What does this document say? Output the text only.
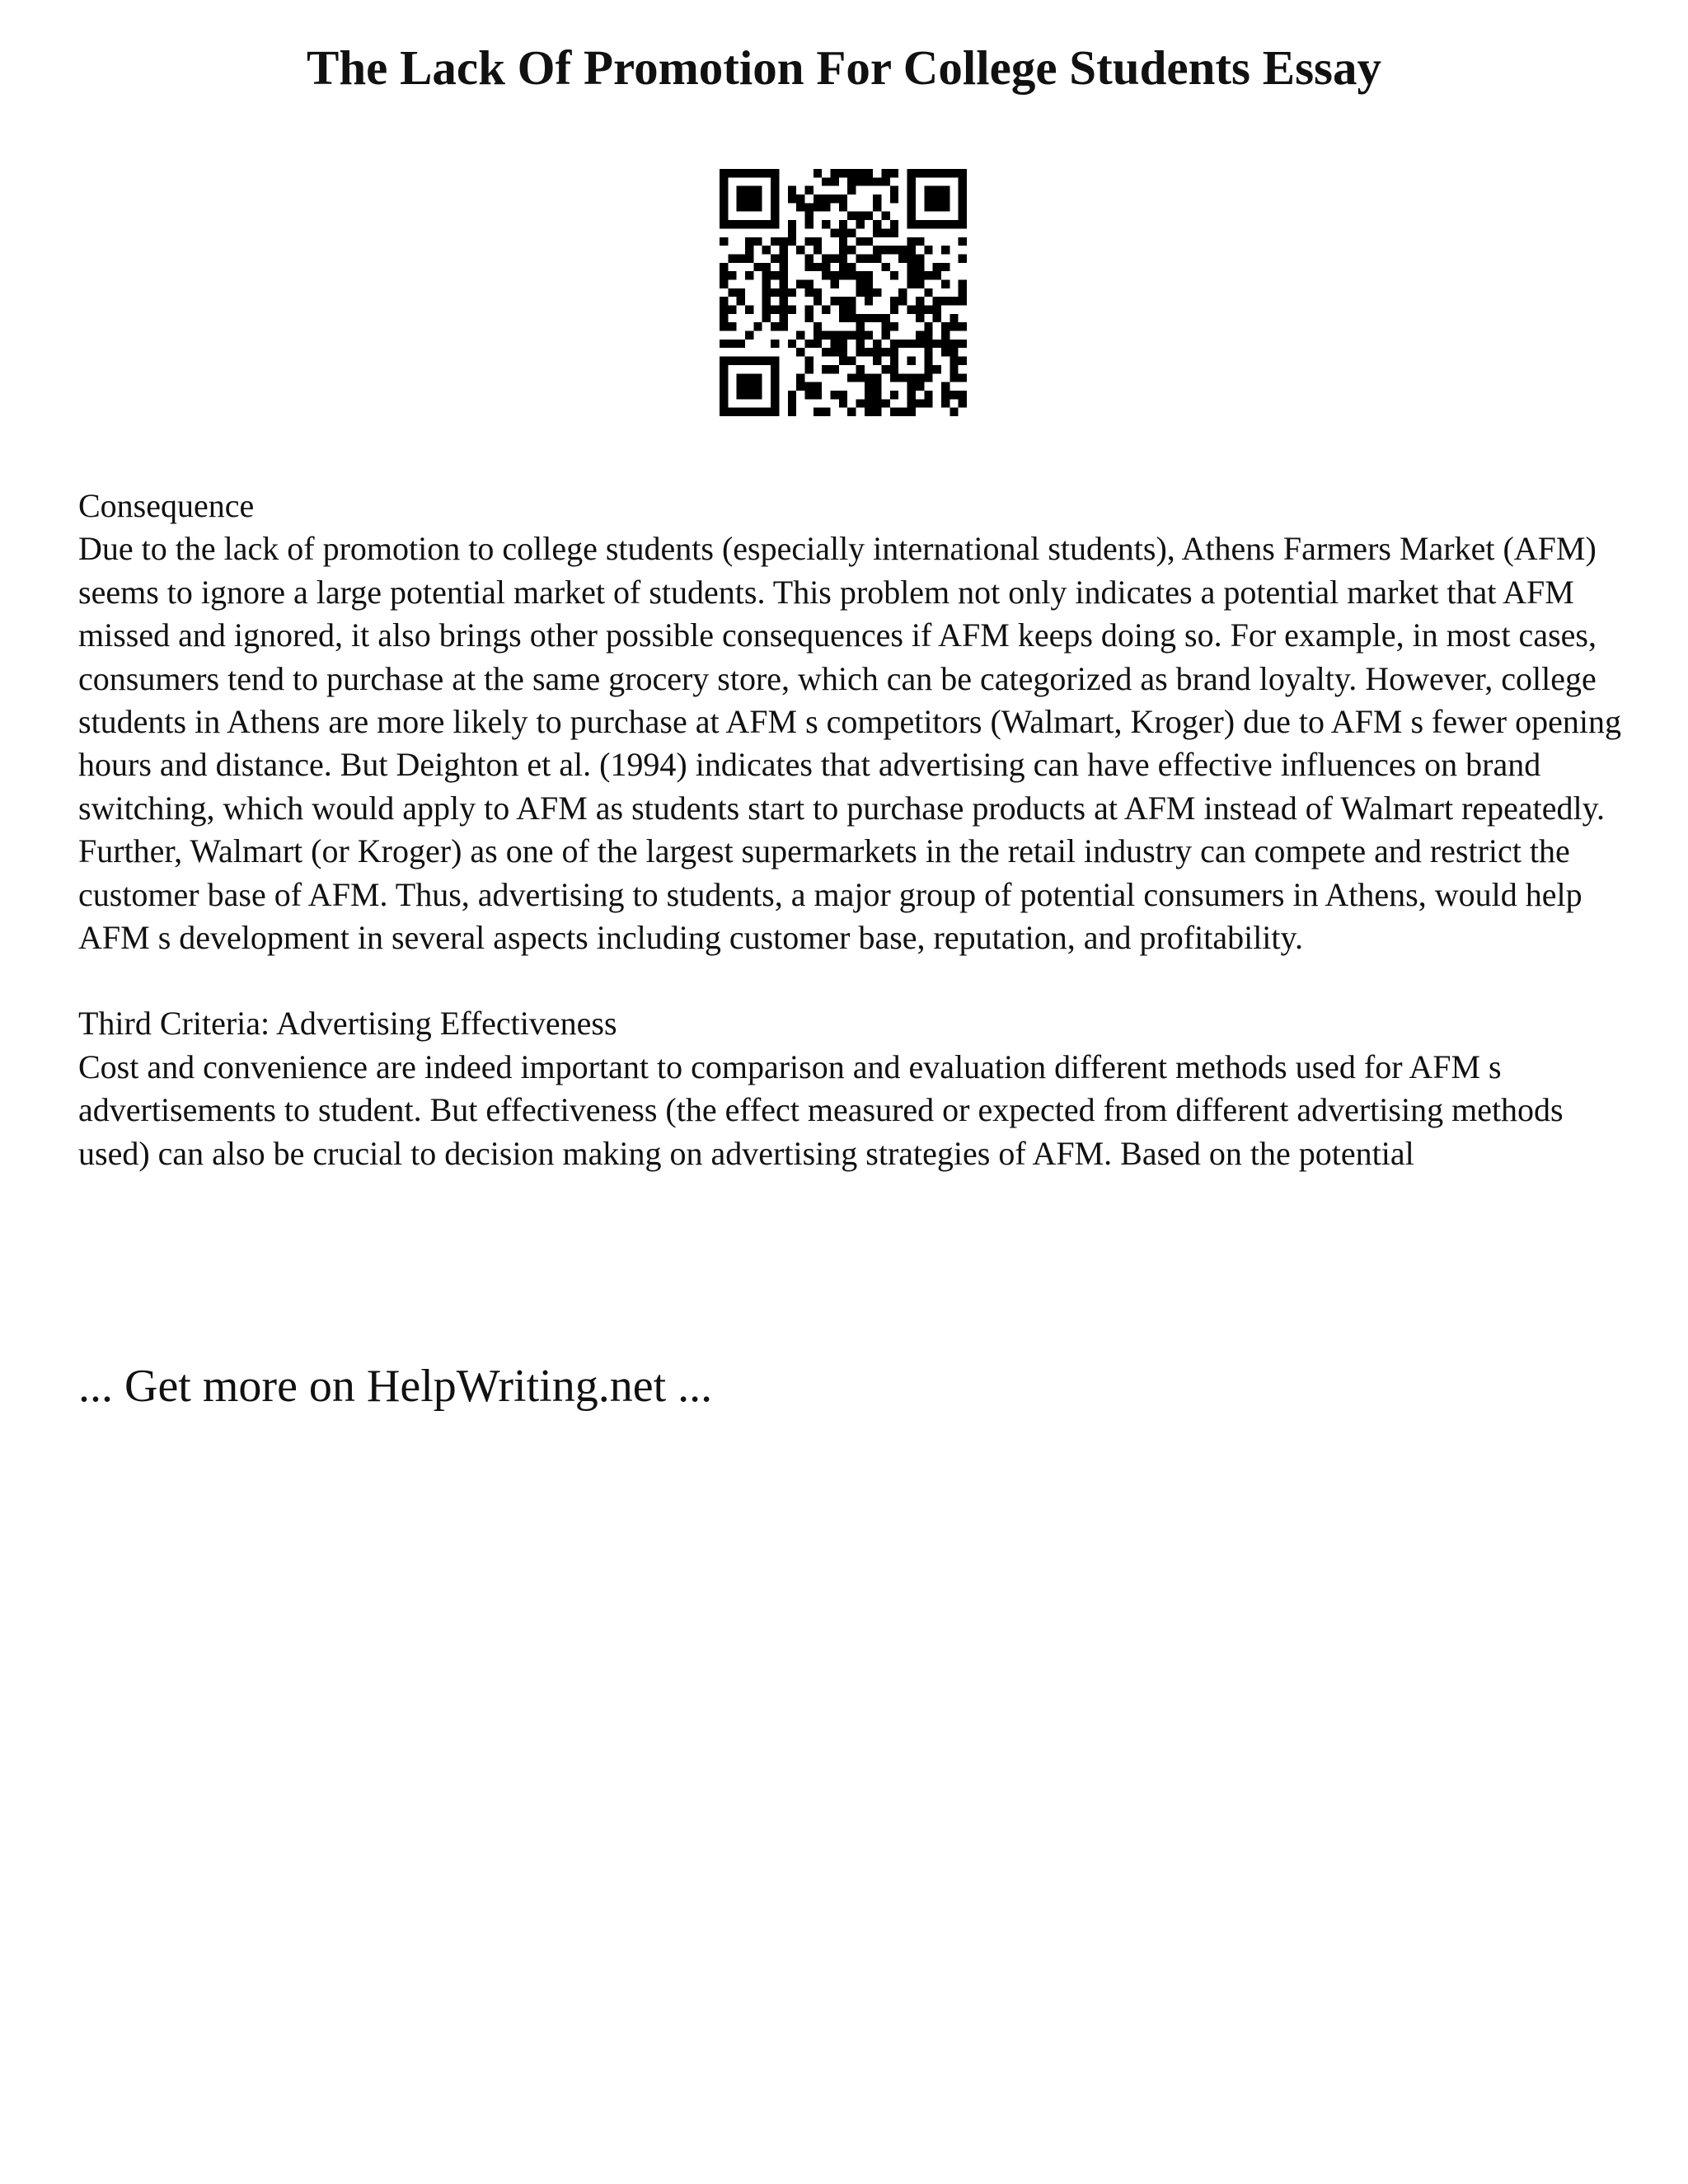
The Lack Of Promotion For College Students Essay

Consequence

Due to the lack of promotion to college students (especially international students), Athens Farmers Market (AFM) seems to ignore a large potential market of students. This problem not only indicates a potential market that AFM missed and ignored, it also brings other possible consequences if AFM keeps doing so. For example, in most cases, consumers tend to purchase at the same grocery store, which can be categorized as brand loyalty. However, college students in Athens are more likely to purchase at AFM s competitors (Walmart, Kroger) due to AFM s fewer opening hours and distance. But Deighton et al. (1994) indicates that advertising can have effective influences on brand switching, which would apply to AFM as students start to purchase products at AFM instead of Walmart repeatedly. Further, Walmart (or Kroger) as one of the largest supermarkets in the retail industry can compete and restrict the customer base of AFM. Thus, advertising to students, a major group of potential consumers in Athens, would help AFM s development in several aspects including customer base, reputation, and profitability.

Third Criteria: Advertising Effectiveness

Cost and convenience are indeed important to comparison and evaluation different methods used for AFM s advertisements to student. But effectiveness (the effect measured or expected from different advertising methods used) can also be crucial to decision making on advertising strategies of AFM. Based on the potential

... Get more on HelpWriting.net ...
